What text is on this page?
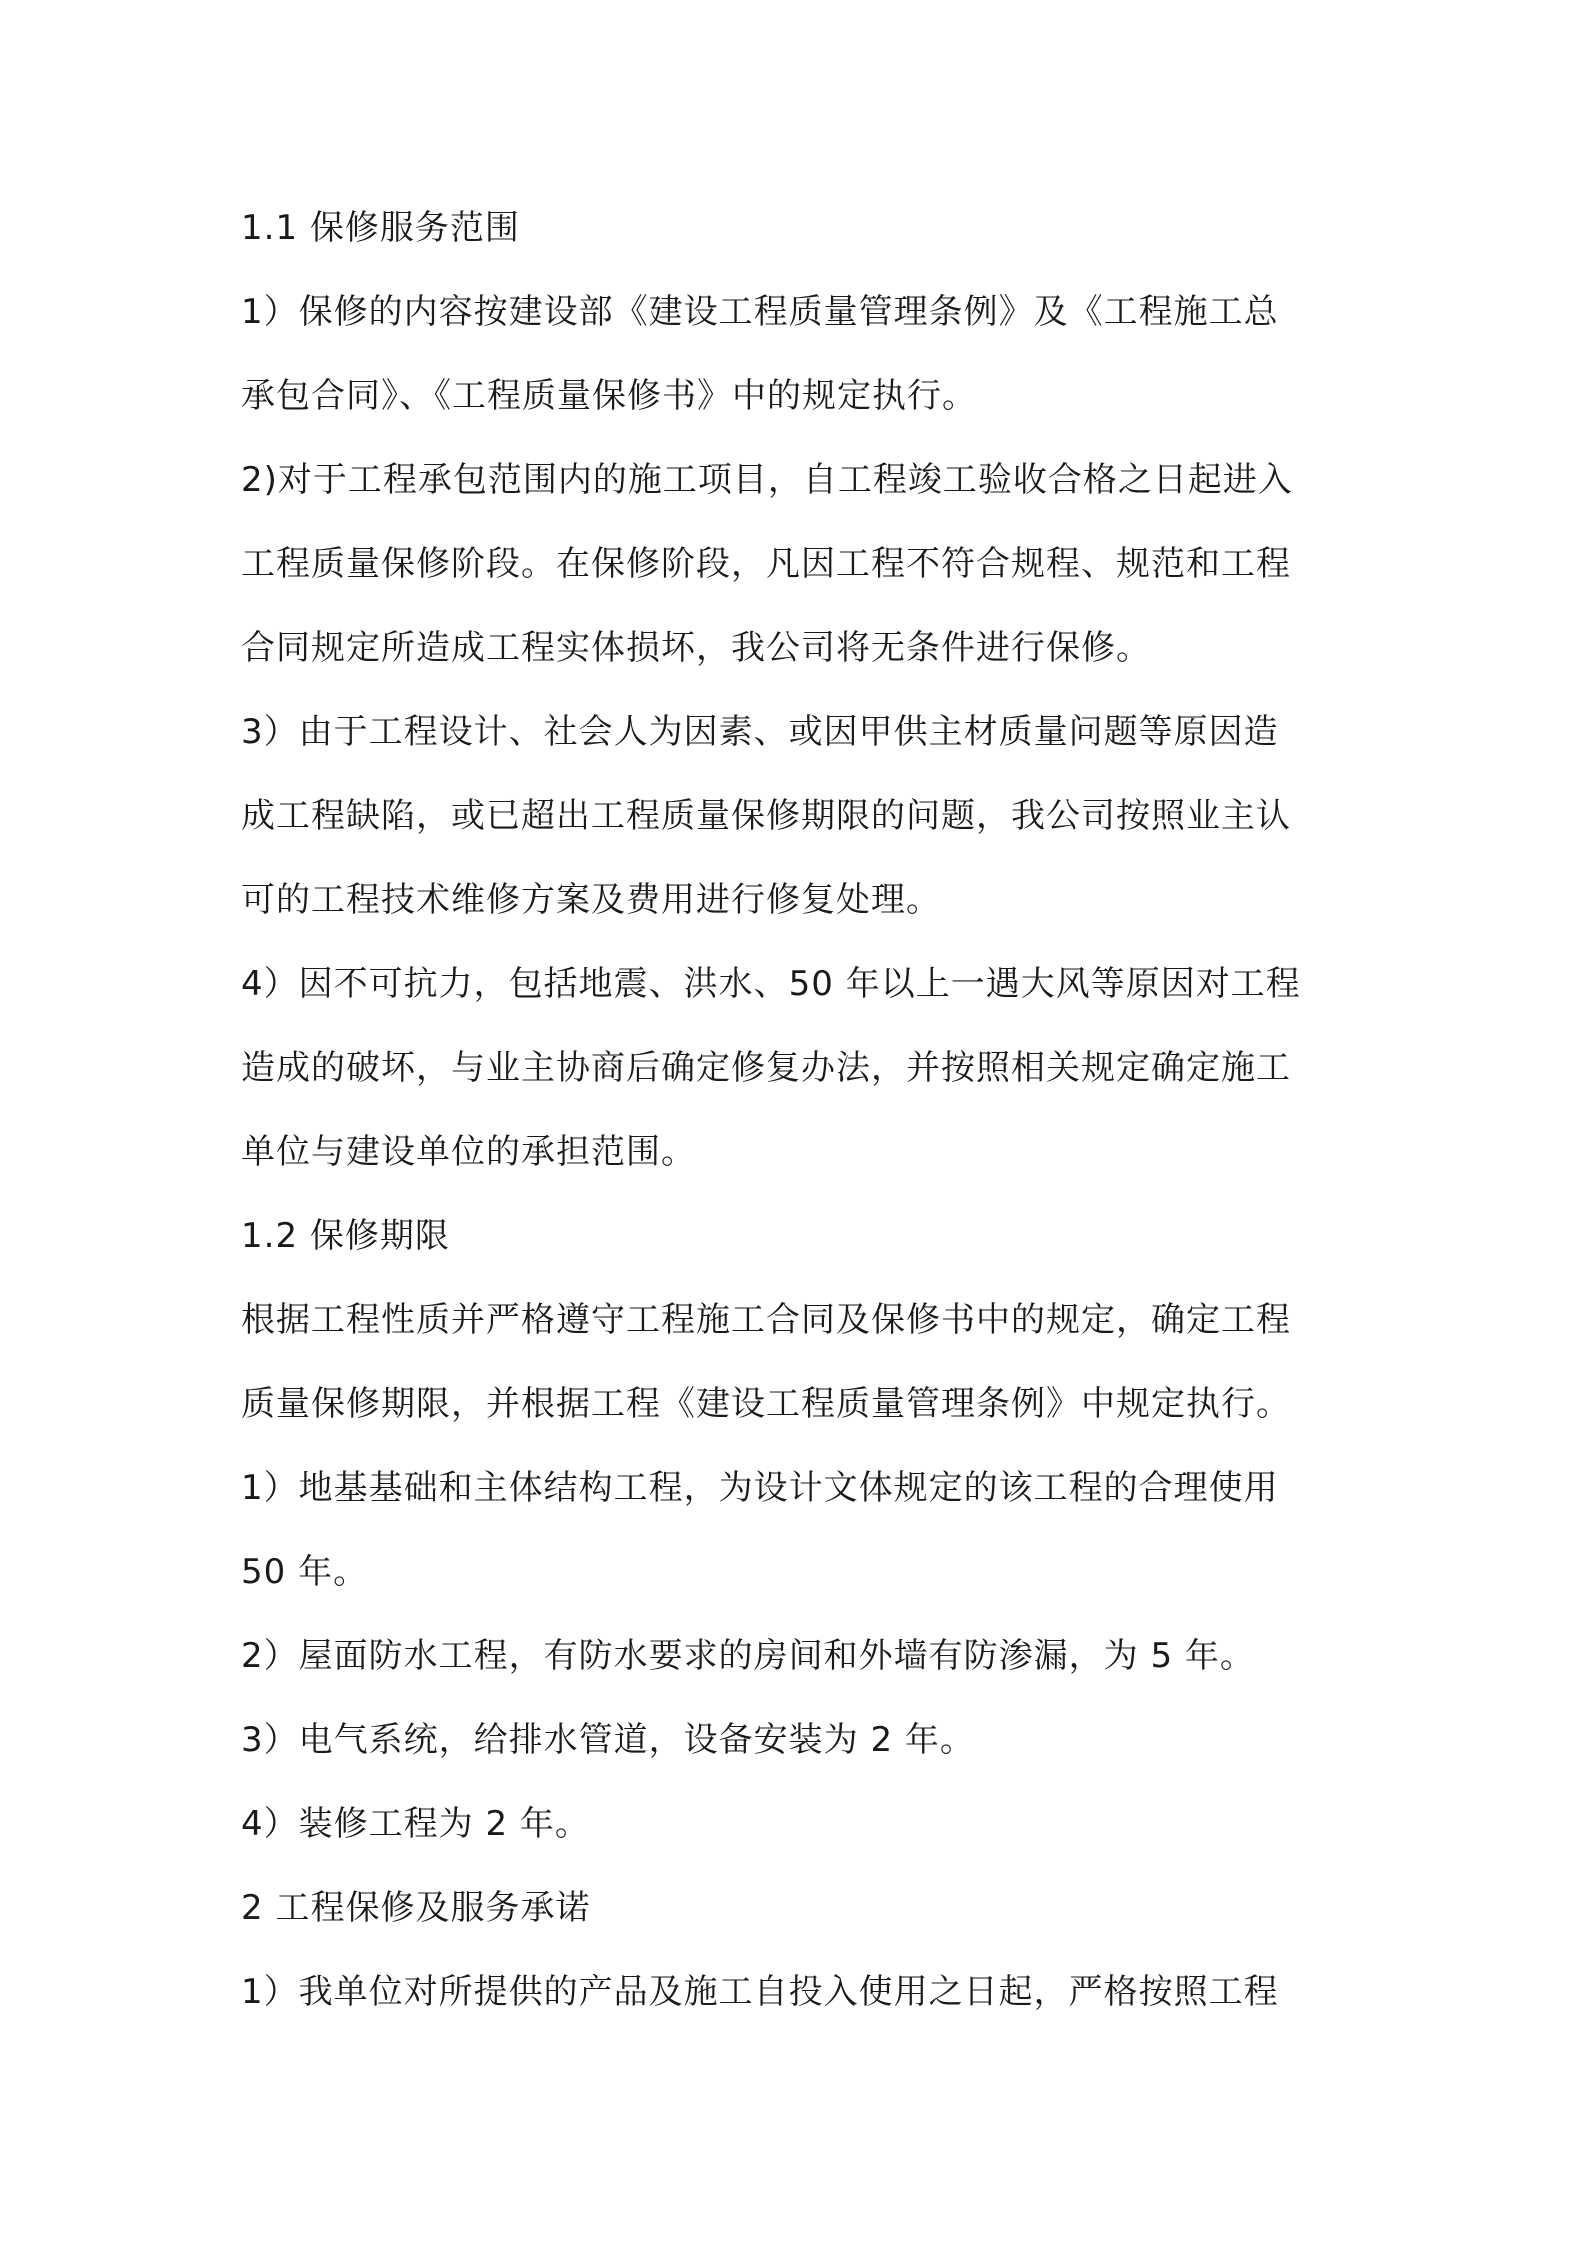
1.1 保修服务范围
1）保修的内容按建设部《建设工程质量管理条例》及《工程施工总
承包合同》、《工程质量保修书》中的规定执行。
2)对于工程承包范围内的施工项目，自工程竣工验收合格之日起进入
工程质量保修阶段。在保修阶段，凡因工程不符合规程、规范和工程
合同规定所造成工程实体损坏，我公司将无条件进行保修。
3）由于工程设计、社会人为因素、或因甲供主材质量问题等原因造
成工程缺陷，或已超出工程质量保修期限的问题，我公司按照业主认
可的工程技术维修方案及费用进行修复处理。
4）因不可抗力，包括地震、洪水、50 年以上一遇大风等原因对工程
造成的破坏，与业主协商后确定修复办法，并按照相关规定确定施工
单位与建设单位的承担范围。
1.2 保修期限
根据工程性质并严格遵守工程施工合同及保修书中的规定，确定工程
质量保修期限，并根据工程《建设工程质量管理条例》中规定执行。
1）地基基础和主体结构工程，为设计文体规定的该工程的合理使用
50 年。
2）屋面防水工程，有防水要求的房间和外墙有防渗漏，为 5 年。
3）电气系统，给排水管道，设备安装为 2 年。
4）装修工程为 2 年。
2 工程保修及服务承诺
1）我单位对所提供的产品及施工自投入使用之日起，严格按照工程
